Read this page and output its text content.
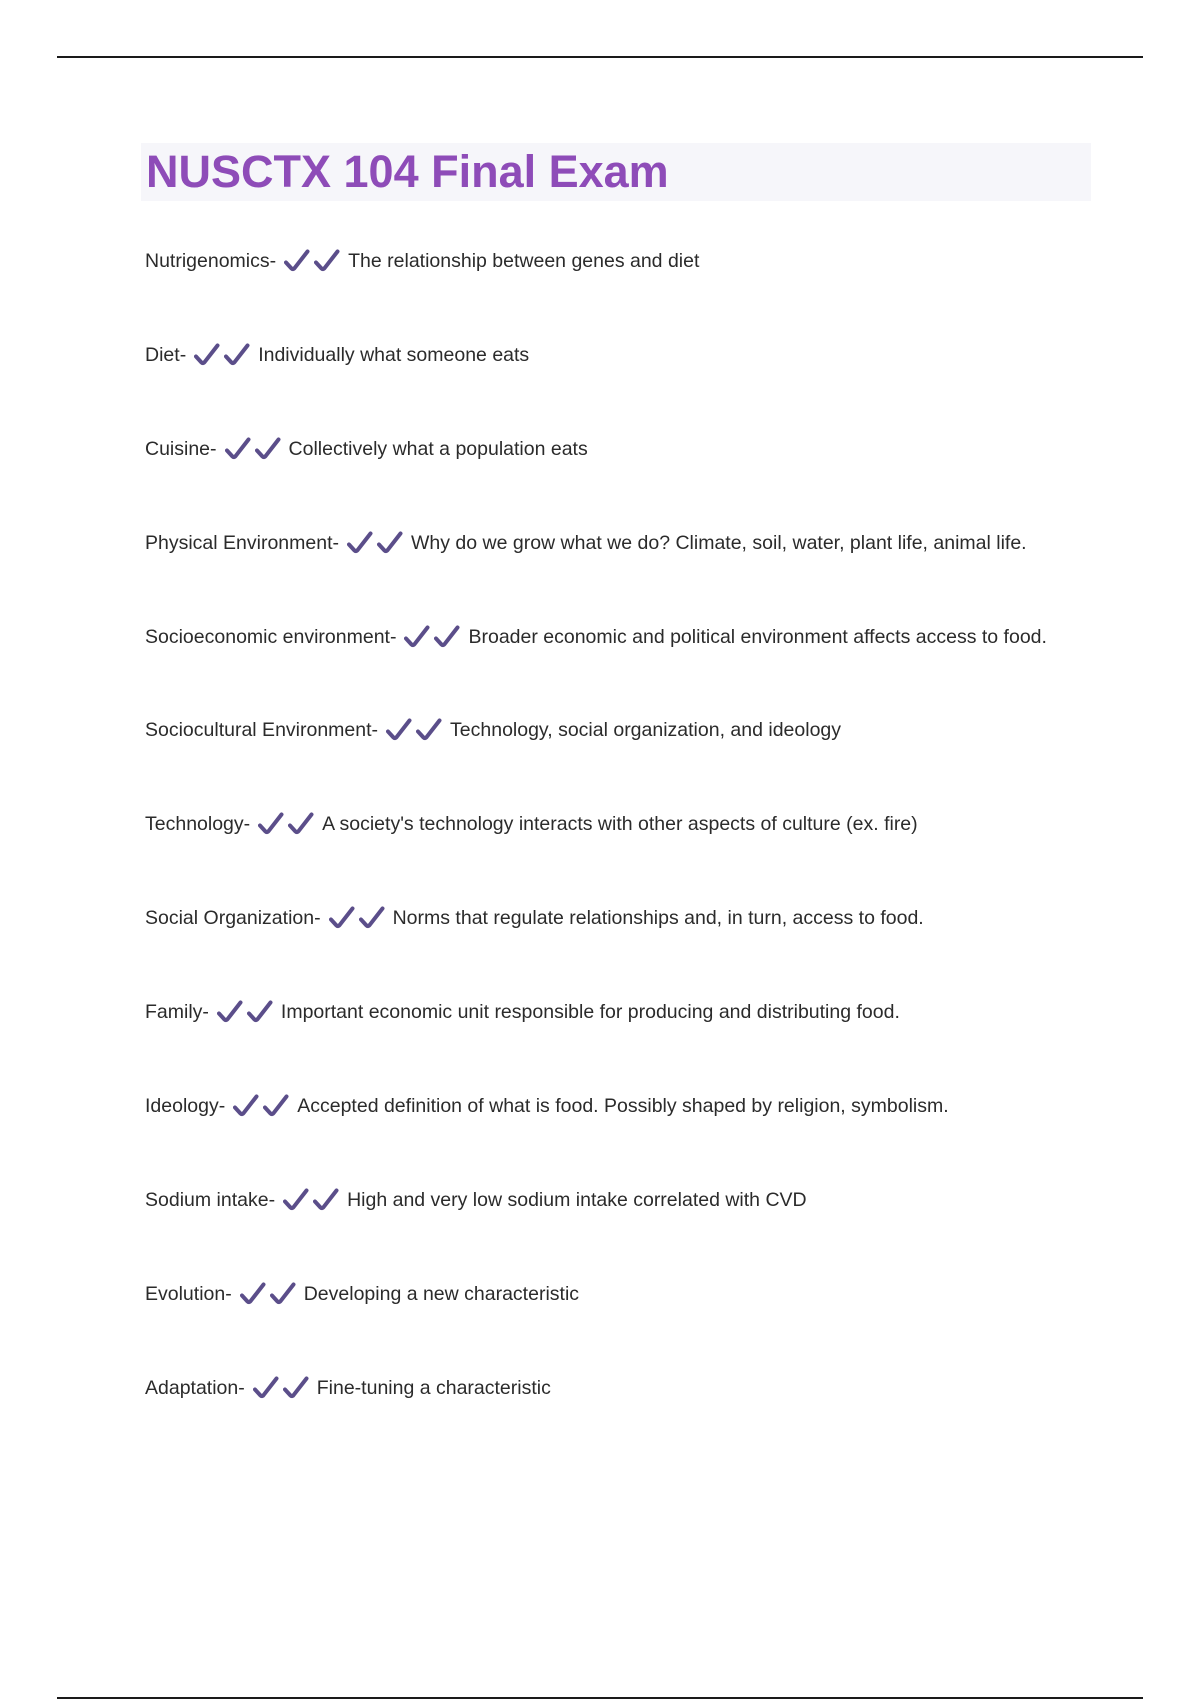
NUSCTX 104 Final Exam
Nutrigenomics -	The relationship between genes and diet
Diet -	Individually what someone eats
Cuisine -	Collectively what a population eats
Physical Environment -	Why do we grow what we do? Climate, soil, water, plant life, animal life.
Socioeconomic environment -	Broader economic and political environment affects access to food.
Sociocultural Environment -	Technology, social organization, and ideology
Technology -	A society's technology interacts with other aspects of culture (ex. fire)
Social Organization -	Norms that regulate relationships and, in turn, access to food.
Family -	Important economic unit responsible for producing and distributing food.
Ideology -	Accepted definition of what is food. Possibly shaped by religion, symbolism.
Sodium intake -	High and very low sodium intake correlated with CVD
Evolution -	Developing a new characteristic
Adaptation -	Fine-tuning a characteristic
